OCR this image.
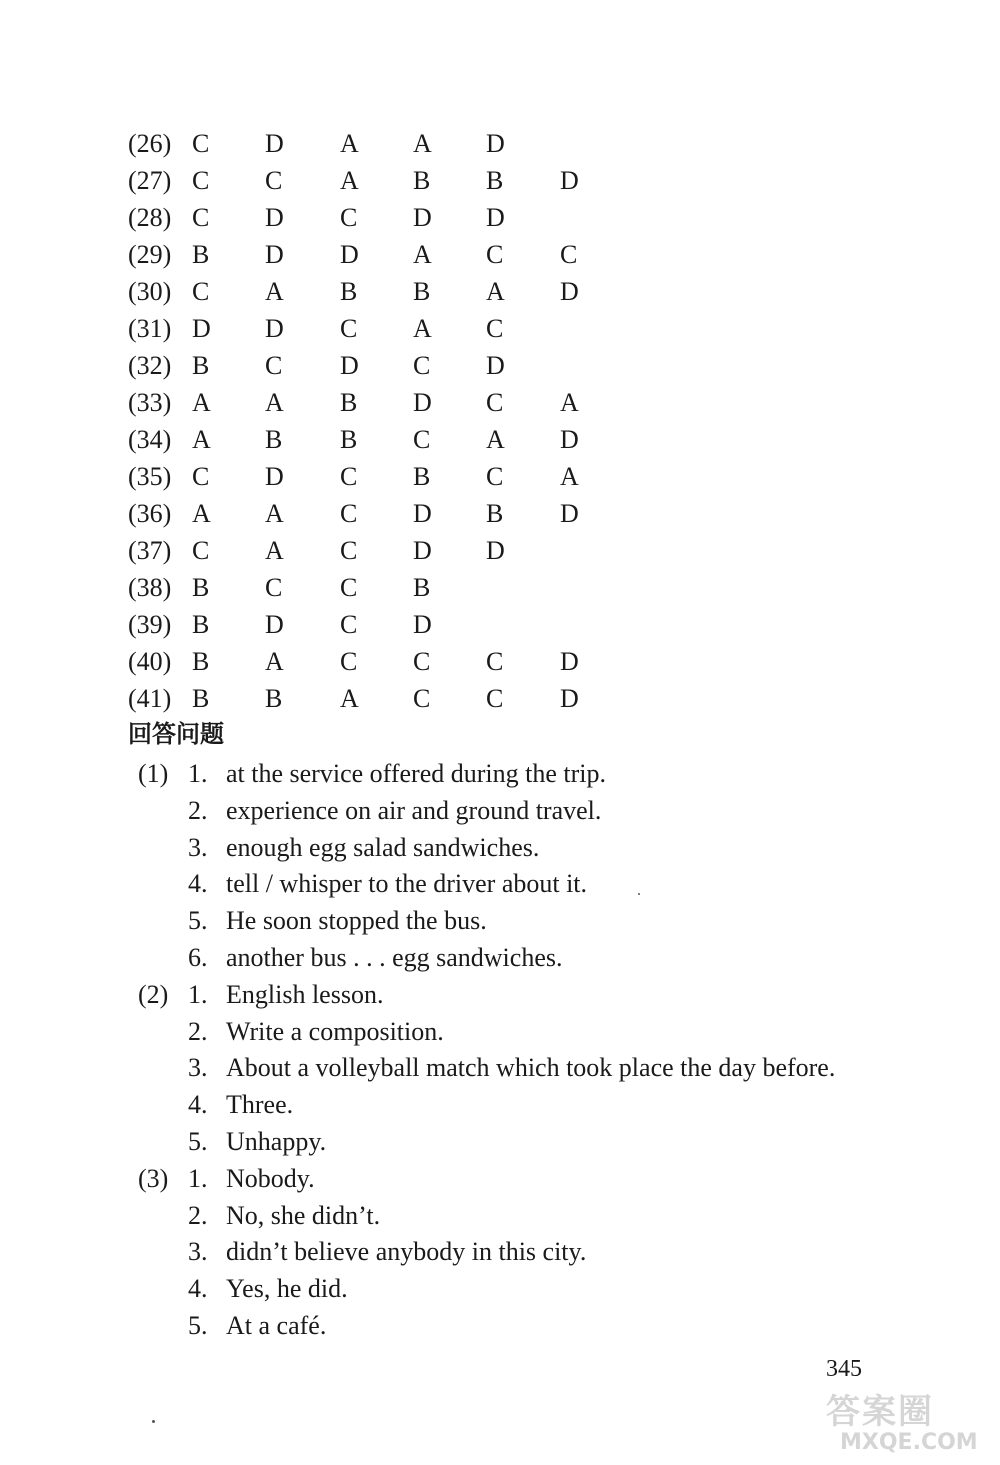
(26) C	D	A	A	D
(27) C	C	A	B	B	D
(28) C	D	C	D	D
(29) B	D	D	A	C	C
(30) C	A	B	B	A	D
(31) D	D	C	A	C
(32) B	C	D	C	D
(33) A	A	B	D	C	A
(34) A	B	B	C	A	D
(35) C	D	C	B	C	A
(36) A	A	C	D	B	D
(37) C	A	C	D	D
(38) B	C	C	B
(39) B	D	C	D
(40) B	A	C	C	C	D
(41) B	B	A	C	C	D
回答问题
(1) 1. at the service offered during the trip.
2. experience on air and ground travel.
3. enough egg salad sandwiches.
4. tell / whisper to the driver about it.
5. He soon stopped the bus.
6. another bus . . . egg sandwiches.
(2) 1. English lesson.
2. Write a composition.
3. About a volleyball match which took place the day before.
4. Three.
5. Unhappy.
(3) 1. Nobody.
2. No, she didn’t.
3. didn’t believe anybody in this city.
4. Yes, he did.
5. At a café.
345
答案圈
MXQE.COM
